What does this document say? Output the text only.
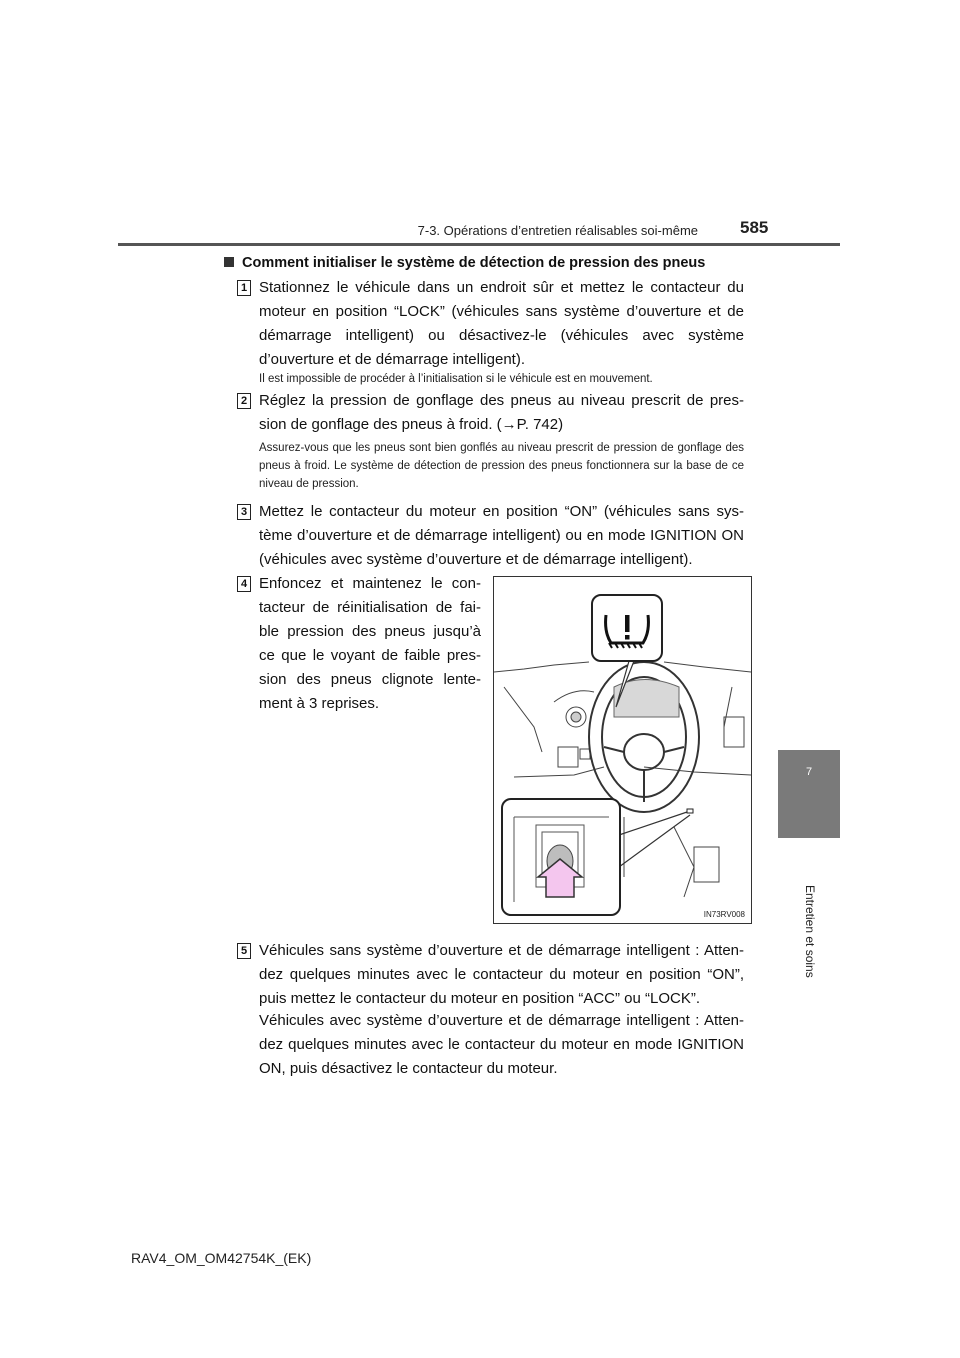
7-3. Opérations d’entretien réalisables soi-même 585
7
Entretien et soins
Comment initialiser le système de détection de pression des pneus
1 Stationnez le véhicule dans un endroit sûr et mettez le contacteur du moteur en position “LOCK” (véhicules sans système d’ouverture et de démarrage intelligent) ou désactivez-le (véhicules avec système d’ouverture et de démarrage intelligent).
Il est impossible de procéder à l’initialisation si le véhicule est en mouvement.
2 Réglez la pression de gonflage des pneus au niveau prescrit de pres-sion de gonflage des pneus à froid. (→P. 742)
Assurez-vous que les pneus sont bien gonflés au niveau prescrit de pression de gonflage des pneus à froid. Le système de détection de pression des pneus fonctionnera sur la base de ce niveau de pression.
3 Mettez le contacteur du moteur en position “ON” (véhicules sans sys-tème d’ouverture et de démarrage intelligent) ou en mode IGNITION ON (véhicules avec système d’ouverture et de démarrage intelligent).
4 Enfoncez et maintenez le con-tacteur de réinitialisation de fai-ble pression des pneus jusqu’à ce que le voyant de faible pres-sion des pneus clignote lente-ment à 3 reprises.
IN73RV008
5 Véhicules sans système d’ouverture et de démarrage intelligent : Atten-dez quelques minutes avec le contacteur du moteur en position “ON”, puis mettez le contacteur du moteur en position “ACC” ou “LOCK”.
Véhicules avec système d’ouverture et de démarrage intelligent : Atten-dez quelques minutes avec le contacteur du moteur en mode IGNITION ON, puis désactivez le contacteur du moteur.
RAV4_OM_OM42754K_(EK)
